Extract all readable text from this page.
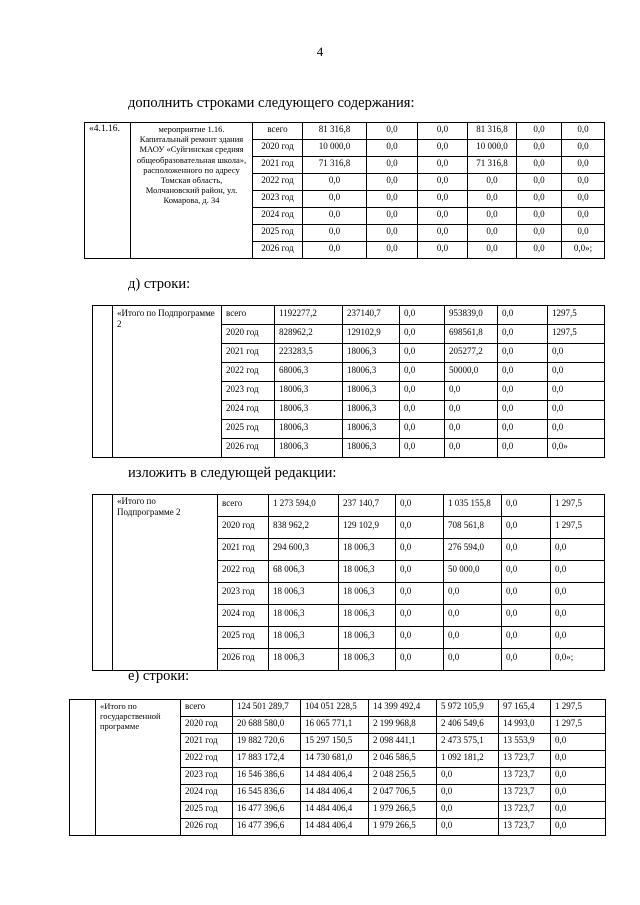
4
дополнить строками следующего содержания:
«4.1.16.	мероприятие 1.16. Капитальный ремонт здания МАОУ «Суйгинская средняя общеобразовательная школа», расположенного по адресу Томская область, Молчановский район, ул. Комарова, д. 34	всего	81 316,8	0,0	0,0	81 316,8	0,0	0,0
		2020 год	10 000,0	0,0	0,0	10 000,0	0,0	0,0
		2021 год	71 316,8	0,0	0,0	71 316,8	0,0	0,0
		2022 год	0,0	0,0	0,0	0,0	0,0	0,0
		2023 год	0,0	0,0	0,0	0,0	0,0	0,0
		2024 год	0,0	0,0	0,0	0,0	0,0	0,0
		2025 год	0,0	0,0	0,0	0,0	0,0	0,0
		2026 год	0,0	0,0	0,0	0,0	0,0	0,0»;
д) строки:
	«Итого по Подпрограмме 2	всего	1192277,2	237140,7	0,0	953839,0	0,0	1297,5
		2020 год	828962,2	129102,9	0,0	698561,8	0,0	1297,5
		2021 год	223283,5	18006,3	0,0	205277,2	0,0	0,0
		2022 год	68006,3	18006,3	0,0	50000,0	0,0	0,0
		2023 год	18006,3	18006,3	0,0	0,0	0,0	0,0
		2024 год	18006,3	18006,3	0,0	0,0	0,0	0,0
		2025 год	18006,3	18006,3	0,0	0,0	0,0	0,0
		2026 год	18006,3	18006,3	0,0	0,0	0,0	0,0»
изложить в следующей редакции:
	«Итого по Подпрограмме 2	всего	1 273 594,0	237 140,7	0,0	1 035 155,8	0,0	1 297,5
		2020 год	838 962,2	129 102,9	0,0	708 561,8	0,0	1 297,5
		2021 год	294 600,3	18 006,3	0,0	276 594,0	0,0	0,0
		2022 год	68 006,3	18 006,3	0,0	50 000,0	0,0	0,0
		2023 год	18 006,3	18 006,3	0,0	0,0	0,0	0,0
		2024 год	18 006,3	18 006,3	0,0	0,0	0,0	0,0
		2025 год	18 006,3	18 006,3	0,0	0,0	0,0	0,0
		2026 год	18 006,3	18 006,3	0,0	0,0	0,0	0,0»;
е) строки:
	«Итого по государственной программе	всего	124 501 289,7	104 051 228,5	14 399 492,4	5 972 105,9	97 165,4	1 297,5
		2020 год	20 688 580,0	16 065 771,1	2 199 968,8	2 406 549,6	14 993,0	1 297,5
		2021 год	19 882 720,6	15 297 150,5	2 098 441,1	2 473 575,1	13 553,9	0,0
		2022 год	17 883 172,4	14 730 681,0	2 046 586,5	1 092 181,2	13 723,7	0,0
		2023 год	16 546 386,6	14 484 406,4	2 048 256,5	0,0	13 723,7	0,0
		2024 год	16 545 836,6	14 484 406,4	2 047 706,5	0,0	13 723,7	0,0
		2025 год	16 477 396,6	14 484 406,4	1 979 266,5	0,0	13 723,7	0,0
		2026 год	16 477 396,6	14 484 406,4	1 979 266,5	0,0	13 723,7	0,0
